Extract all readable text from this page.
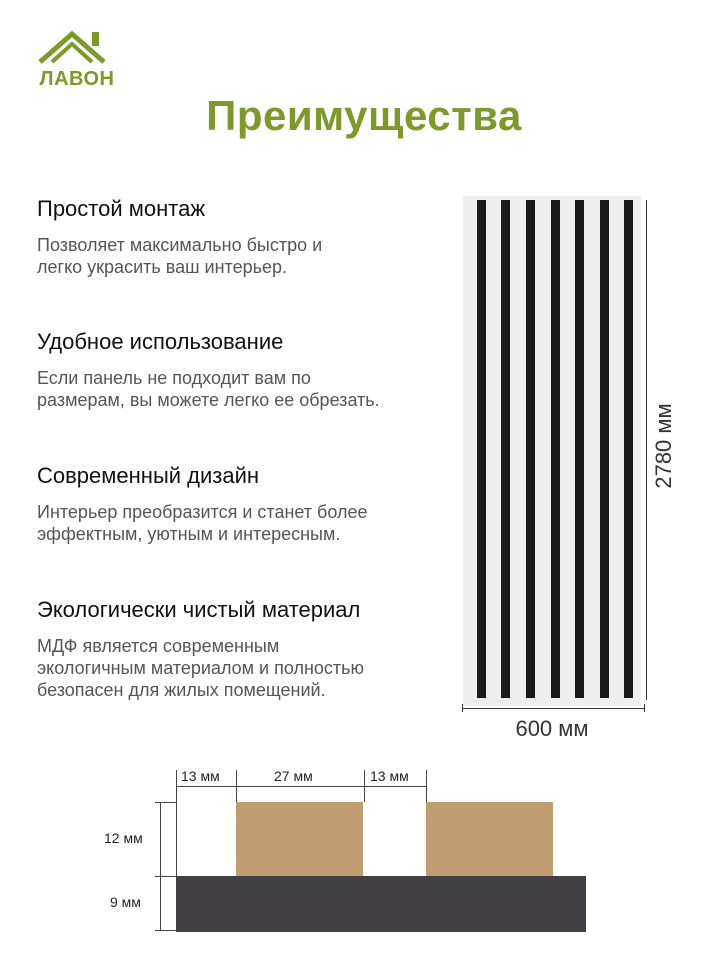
ЛАВОН
Преимущества
Простой монтаж

Позволяет максимально быстро и
легко украсить ваш интерьер.

Удобное использование

Если панель не подходит вам по
размерам, вы можете легко ее обрезать.

Современный дизайн

Интерьер преобразится и станет более
эффектным, уютным и интересным.

Экологически чистый материал

МДФ является современным
экологичным материалом и полностью
безопасен для жилых помещений.

2780 мм
600 мм
13 мм	27 мм	13 мм
12 мм
9 мм
